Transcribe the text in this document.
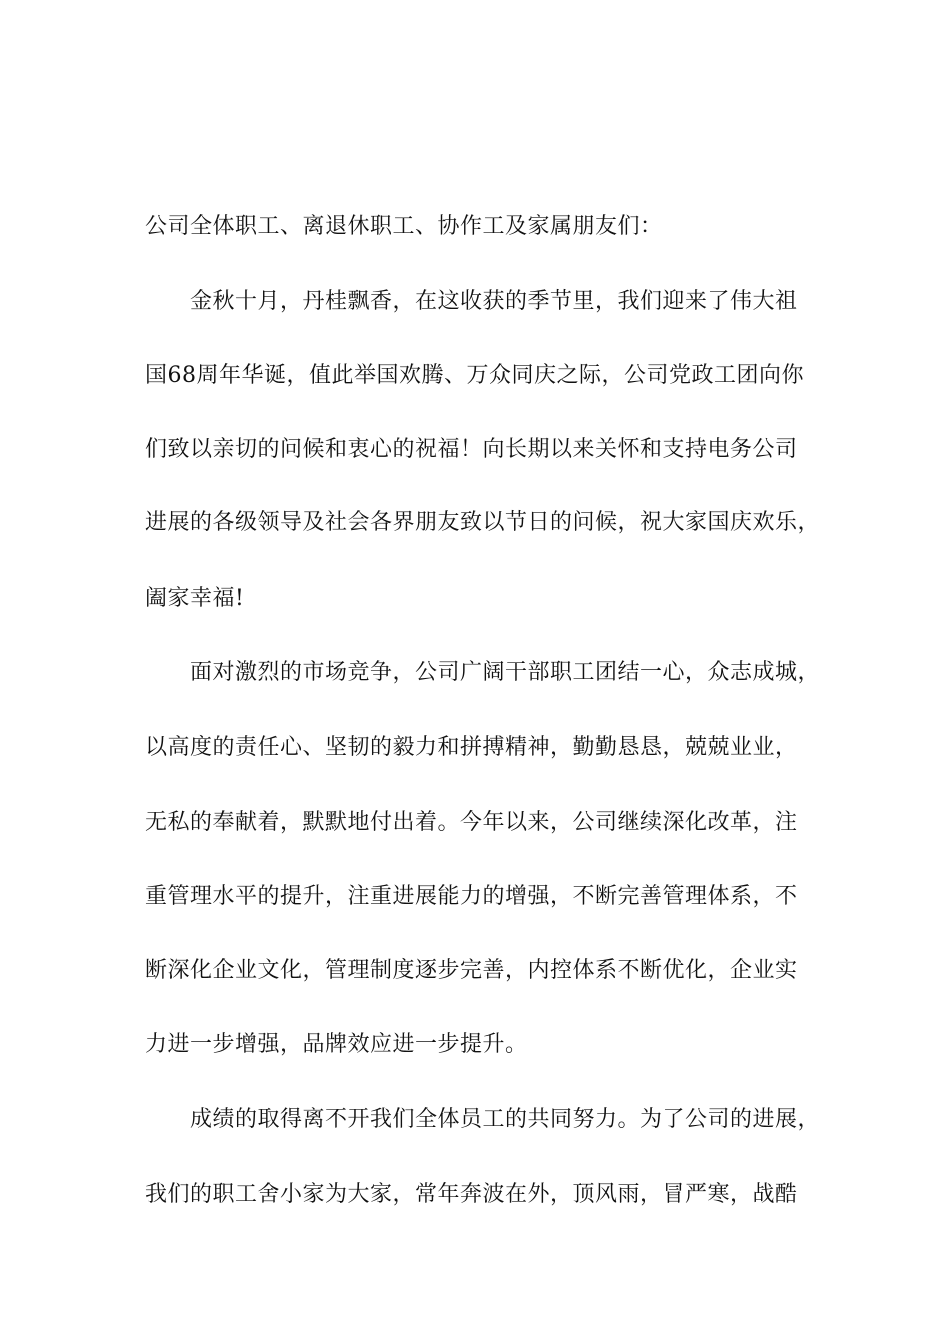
公司全体职工、离退休职工、协作工及家属朋友们：
金秋十月，丹桂飘香，在这收获的季节里，我们迎来了伟大祖
国68周年华诞，值此举国欢腾、万众同庆之际，公司党政工团向你
们致以亲切的问候和衷心的祝福！向长期以来关怀和支持电务公司
进展的各级领导及社会各界朋友致以节日的问候，祝大家国庆欢乐，
阖家幸福!
面对激烈的市场竞争，公司广阔干部职工团结一心，众志成城，
以高度的责任心、坚韧的毅力和拼搏精神，勤勤恳恳，兢兢业业，
无私的奉献着，默默地付出着。今年以来，公司继续深化改革，注
重管理水平的提升，注重进展能力的增强，不断完善管理体系，不
断深化企业文化，管理制度逐步完善，内控体系不断优化，企业实
力进一步增强，品牌效应进一步提升。
成绩的取得离不开我们全体员工的共同努力。为了公司的进展，
我们的职工舍小家为大家，常年奔波在外，顶风雨，冒严寒，战酷
